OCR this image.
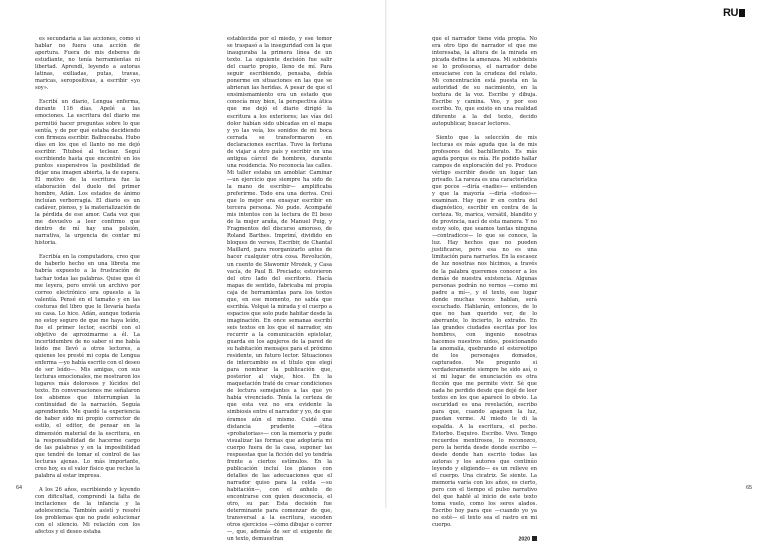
RU

es secundaria a las acciones, como si hablar no fuera una acción de apertura. Fuera de mis deberes de estudiante, no tenía herramientas ni libertad. Aprendí, leyendo a autoras latinas, exiliadas, putas, travas, maricas, seropositivas, a escribir «yo soy».

Escribí un diario, Lengua enferma, durante 116 días. Apelé a las emociones. La escritura del diario me permitió hacer preguntas sobre lo que sentía, y de por qué estaba decidiendo con firmeza escribir. Balbuceaba. Hubo días en los que el llanto no me dejó escribir. Titubeé al teclear. Seguí escribiendo hasta que encontré en los puntos suspensivos la posibilidad de dejar una imagen abierta, la de espera. El motivo de la escritura fue la elaboración del duelo del primer hombre, Adán. Los estados de ánimo incluían verborragia. El diario es un cadáver, pienso, y la materialización de la pérdida de ese amor. Cada vez que me devuelvo a leer confirmo que dentro de mí hay una pulsión, narrativa, la urgencia de contar mi historia.

Escribía en la computadora, creo que de haberlo hecho en una libreta me habría expuesto a la frustración de tachar todas las palabras. Quise que él me leyera, pero envié un archivo por correo electrónico era opuesto a la valentía. Pensé en el tamaño y en las costuras del libro que le llevaría hasta su casa. Lo hice. Adán, aunque todavía no estoy seguro de que me haya leído, fue el primer lector, escribí con el objetivo de aproximarme a él. La incertidumbre de no saber si me había leído me llevó a otros lectores, a quienes les presté mi copia de Lengua enferma —yo había escrito con el deseo de ser leído—. Mis amigas, con sus lecturas emocionales, me mostraron los lugares más dolorosos y lúcidos del texto. En conversaciones me señalaron los abismos que interrumpían la continuidad de la narración. Seguía aprendiendo. Me quedó la experiencia de haber sido mi propio corrector de estilo, el editor, de pensar en la dimensión material de la escritura, en la responsabilidad de hacerme cargo de las palabras y en la imposibilidad que tendré de tomar el control de las lecturas ajenas. Lo más importante, creo hoy, es el valor físico que reclue la palabra al estar impresa.

A los 26 años, escribiendo y leyendo con dificultad, comprendí la falta de incitaciones de la infancia y la adolescencia. También asistí y resolví los problemas que no pude solucionar con el silencio. Mi relación con los afectos y el deseo estaba

establecida por el miedo, y ese temor se traspasó a la inseguridad con la que inauguraba la primera línea de un texto. La siguiente decisión fue salir del cuarto propio, lleno de mí. Para seguir escribiendo, pensaba, debía ponerme en situaciones en las que se abrieran las heridas. A pesar de que el ensimismamiento era un estado que conocía muy bien, la perspectiva ática que me dejó el diario dirigió la escritura a los exteriores; las vías del dolor habían sido ubicadas en el mapa y yo las veía, los sonidos de mi boca cerrada se transformaron en declaraciones escritas. Tuve la fortuna de viajar a otro país y escribir en una antigua cárcel de hombres, durante una residencia. No reconocía las calles. Mi taller estaba un amoblar. Caminar —un ejercicio que siempre ha sido de la mano de escribir— amplificaba preferirme. Todo era una deriva. Creí que lo mejor era ensayar escribir en tercera persona. No pude. Acompañé mis intentos con la lectura de El beso de la mujer araña, de Manuel Puig, y Fragmentos del discurso amoroso, de Roland Barthes. Imprimí, dividido en bloques de versos, Escribir, de Chantal Maillard, para reorganizarlo antes de hacer cualquier otra cosa. Revolución, un cuento de Sławomir Mrożek, y Casa vacía, de Paul B. Preciado; estuvieron del otro lado del escritorio. Hacía mapas de sentido, fabricaba mi propia caja de herramientas para los textos que, en ese momento, no sabía que escribía. Volqué la mirada y el cuerpo a espacios que solo pude habitar desde la imaginación. En once semanas escribí seis textos en los que el narrador, sin recurrir a la comunicación epistolar, guarda en los agujeros de la pared de su habitación mensajes para el próximo residente, un futuro lector. Situaciones de intercambio es el título que elegí para nombrar la publicación que, posterior al viaje, hice. En la maquetación traté de crear condiciones de lectura semejantes a las que yo había vivenciado. Tenía la certeza de que esta vez no era evidente la simbiosis entre el narrador y yo, de que éramos aún el mismo. Cuidé una distancia prudente —ética «probatorias»— con la memoria y pude visualizar las formas que adoptaría mi cuerpo fuera de la casa, suponer las respuestas que la ficción del yo tendría frente a ciertos estímulos. En la publicación incluí los planos con detalles de las adecuaciones que el narrador quiso para la celda —su habitación—, con el anhelo de encontrarse con quien desconocía, el otro, su par. Esta decisión fue determinante para comenzar de que, transversal a la escritura, suceden otros ejercicios —cómo dibujar o correr—, que, además de ser el exigente de un texto, demuestran

que el narrador tiene vida propia. No era otro tipo de narrador el que me interesaba, la altura de la mirada en picada define la amenaza. Mi subdeixis se lo profesoras, el narrador debe ensuciarse con la crudeza del relato. Mi concentración está puesta en la autoridad de su nacimiento, en la textura de la voz. Escribe y dibuja. Escribe y camina. Veo, y por eso escribo. Yo, que existo en una realidad diferente a la del texto, decido autopublicar, buscar lectores.

Siento que la selección de mis lecturas es más aguda que la de mis profesores del bachillerato. Es más aguda porque es mía. He podido hallar campos de exploración del yo. Produce vértigo escribir desde un lugar tan privado. La rareza es una característica que pocos —diría «nadie»— entienden y que la mayoría —diría «todos»— examinan. Hay que ir en contra del diagnóstico, escribir en contra de la certeza. Yo, marica, versátil, blandito y de provincia, nací de esta manera. Y no estoy solo, que seamos tantas ninguna —contradicce— lo que se conoce, la luz. Hay hechos que no pueden justificarse, pero esa no es una limitación para narrarlos. En la escasez de luz nosotras nos hicimos, a través de la palabra queremos conocer a los demás de nuestra existencia. Algunas personas podrán no vernos —como mi padre a mí—, y el texto, ese lugar donde muchas veces hablan, será escuchado. Hablarán, entonces, de lo que no han querido ver, de lo aberrante, lo incierto, lo extraño. En las grandes ciudades escritas por los hombres, con ingenio nosotras hacemos nuestros nidos, posicionando la anomalía, quebrando el estereotipo de los personajes domados, capturados. Me pregunto si verdaderamente siempre he sido así, o si mi lugar de enunciación es otra ficción que me permite vivir. Sé que nada he perdido desde que dejé de leer textos en los que aparecé lo obvio. La oscuridad es una revelación, escribo para que, cuando apaguen la luz, puedan verme. Al miedo le di la espalda. A la escritura, el pecho. Estorbo. Esquivo. Escribo. Vivo. Tengo recuerdos mentirosos, lo reconozco, pero la herida desde donde escribo —desde donde han escrito todas las autoras y los autores que continúo leyendo y eligiendo— es un relieve en el cuerpo. Una cicatriz. Se siente. La memoria varía con los años, es cierto, pero con el tiempo el pulso narrativo del que hablé al inicio de este texto toma vuelo, como los seres alados. Escribo hoy para que —cuando yo ya no esté— el texto sea el rastro en mi cuerpo.

2020
64	65
